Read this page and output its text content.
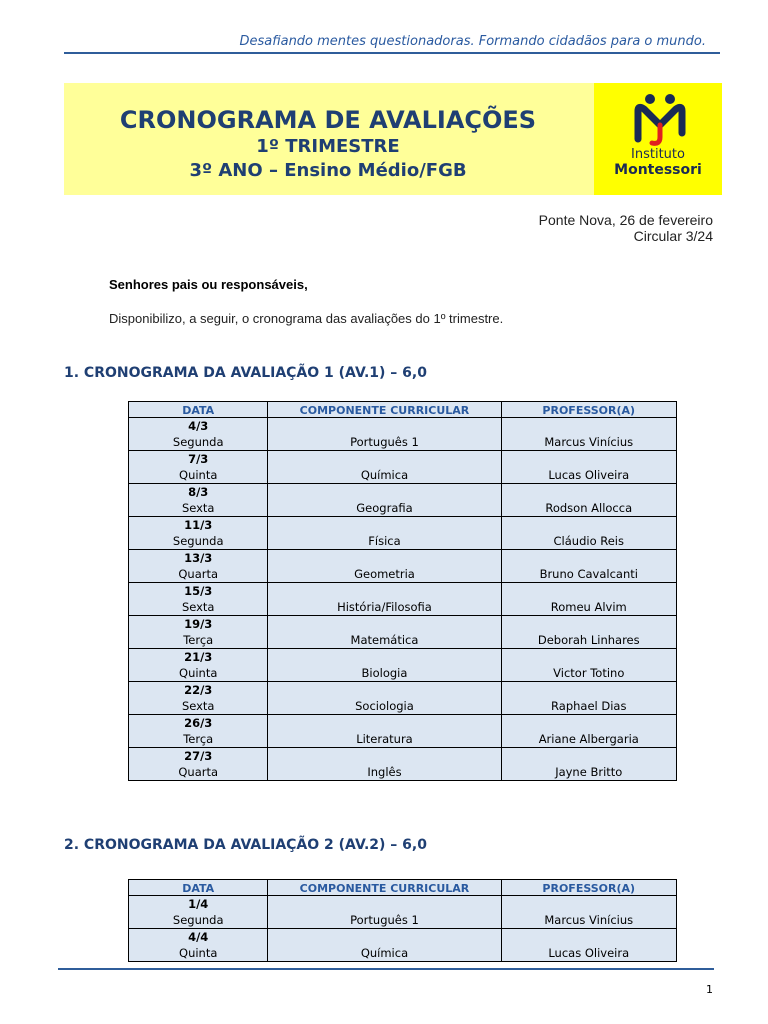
Desafiando mentes questionadoras. Formando cidadãos para o mundo.
CRONOGRAMA DE AVALIAÇÕES
1º TRIMESTRE
3º ANO – Ensino Médio/FGB
Instituto
Montessori
Ponte Nova, 26 de fevereiro
Circular 3/24
Senhores pais ou responsáveis,
Disponibilizo, a seguir, o cronograma das avaliações do 1º trimestre.
1. CRONOGRAMA DA AVALIAÇÃO 1 (AV.1) – 6,0
DATA	COMPONENTE CURRICULAR	PROFESSOR(A)

4/3
Segunda	Português 1	Marcus Vinícius

7/3
Quinta	Química	Lucas Oliveira

8/3
Sexta	Geografia	Rodson Allocca

11/3
Segunda	Física	Cláudio Reis

13/3
Quarta	Geometria	Bruno Cavalcanti

15/3
Sexta	História/Filosofia	Romeu Alvim

19/3
Terça	Matemática	Deborah Linhares

21/3
Quinta	Biologia	Victor Totino

22/3
Sexta	Sociologia	Raphael Dias

26/3
Terça	Literatura	Ariane Albergaria

27/3
Quarta	Inglês	Jayne Britto
2. CRONOGRAMA DA AVALIAÇÃO 2 (AV.2) – 6,0
DATA	COMPONENTE CURRICULAR	PROFESSOR(A)

1/4
Segunda	Português 1	Marcus Vinícius

4/4
Quinta	Química	Lucas Oliveira
1
